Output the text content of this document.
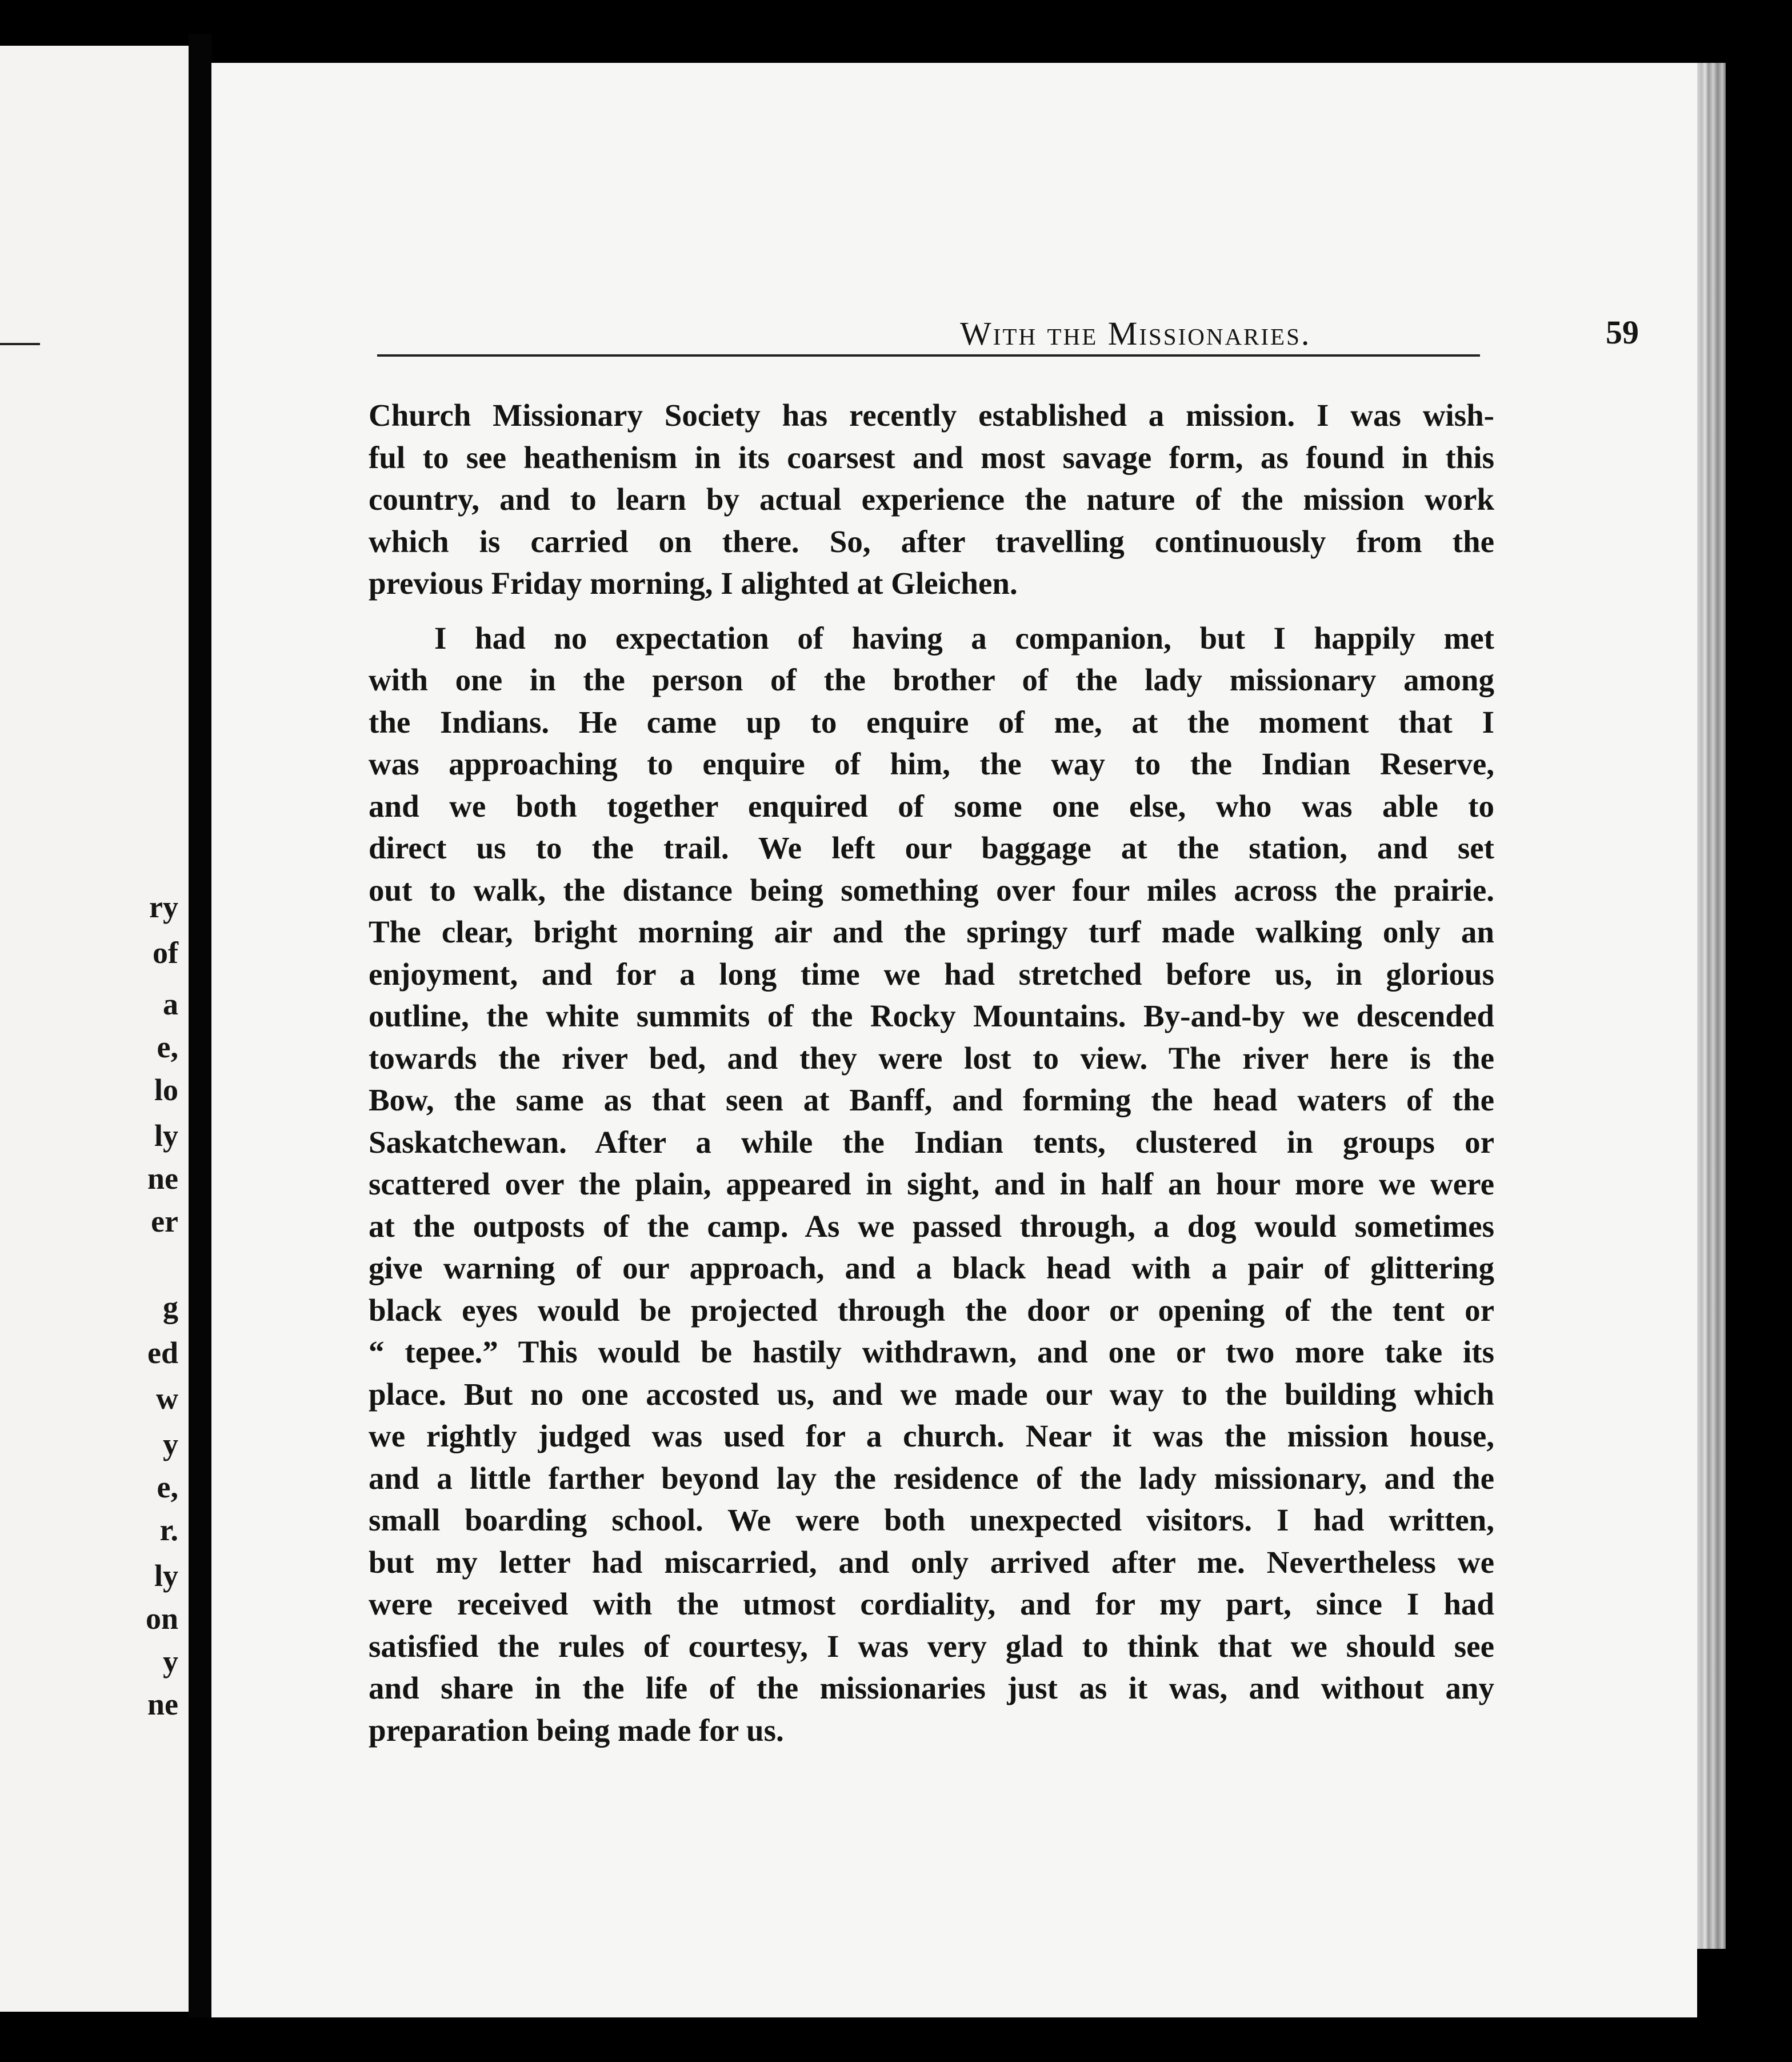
ry
of
a
e,
lo
ly
ne
er
g
ed
w
y
e,
r.
ly
on
y
ne
With the Missionaries.	59
Church Missionary Society has recently established a mission. I was wish-
ful to see heathenism in its coarsest and most savage form, as found in this
country, and to learn by actual experience the nature of the mission work
which is carried on there. So, after travelling continuously from the
previous Friday morning, I alighted at Gleichen.
I had no expectation of having a companion, but I happily met
with one in the person of the brother of the lady missionary among
the Indians. He came up to enquire of me, at the moment that I
was approaching to enquire of him, the way to the Indian Reserve,
and we both together enquired of some one else, who was able to
direct us to the trail. We left our baggage at the station, and set
out to walk, the distance being something over four miles across the prairie.
The clear, bright morning air and the springy turf made walking only an
enjoyment, and for a long time we had stretched before us, in glorious
outline, the white summits of the Rocky Mountains. By-and-by we descended
towards the river bed, and they were lost to view. The river here is the
Bow, the same as that seen at Banff, and forming the head waters of the
Saskatchewan. After a while the Indian tents, clustered in groups or
scattered over the plain, appeared in sight, and in half an hour more we were
at the outposts of the camp. As we passed through, a dog would sometimes
give warning of our approach, and a black head with a pair of glittering
black eyes would be projected through the door or opening of the tent or
“ tepee.” This would be hastily withdrawn, and one or two more take its
place. But no one accosted us, and we made our way to the building which
we rightly judged was used for a church. Near it was the mission house,
and a little farther beyond lay the residence of the lady missionary, and the
small boarding school. We were both unexpected visitors. I had written,
but my letter had miscarried, and only arrived after me. Nevertheless we
were received with the utmost cordiality, and for my part, since I had
satisfied the rules of courtesy, I was very glad to think that we should see
and share in the life of the missionaries just as it was, and without any
preparation being made for us.
